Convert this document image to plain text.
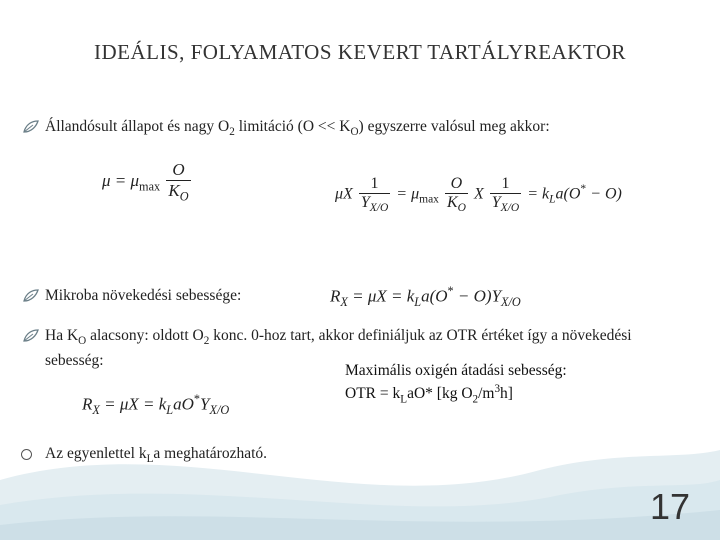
IDEÁLIS, FOLYAMATOS KEVERT TARTÁLYREAKTOR
Állandósult állapot és nagy $O_2$ limitáció $(O << K_O)$ egyszerre valósul meg akkor:
$\mu = \mu_{max} \frac{O}{K_O}$	μX $\frac{1}{Y_{X/O}} = \mu_{max} \frac{O}{K_O}$ X $\frac{1}{Y_{X/O}} = k_La(O^* - O)$
Mikroba növekedési sebessége:	$R_X = \mu X = k_La(O^* - O)Y_{X/O}$
Ha $K_O$ alacsony: oldott $O_2$ konc. 0-hoz tart, akkor definiáljuk az OTR értéket így a növekedési sebesség:
Maximális oxigén átadási sebesség:
OTR = $k_LaO*$ [kg $O_2/m^3h$]
$R_X = \mu X = k_LaO^*Y_{X/O}$
Az egyenlettel $k_La$ meghatározható.
17
